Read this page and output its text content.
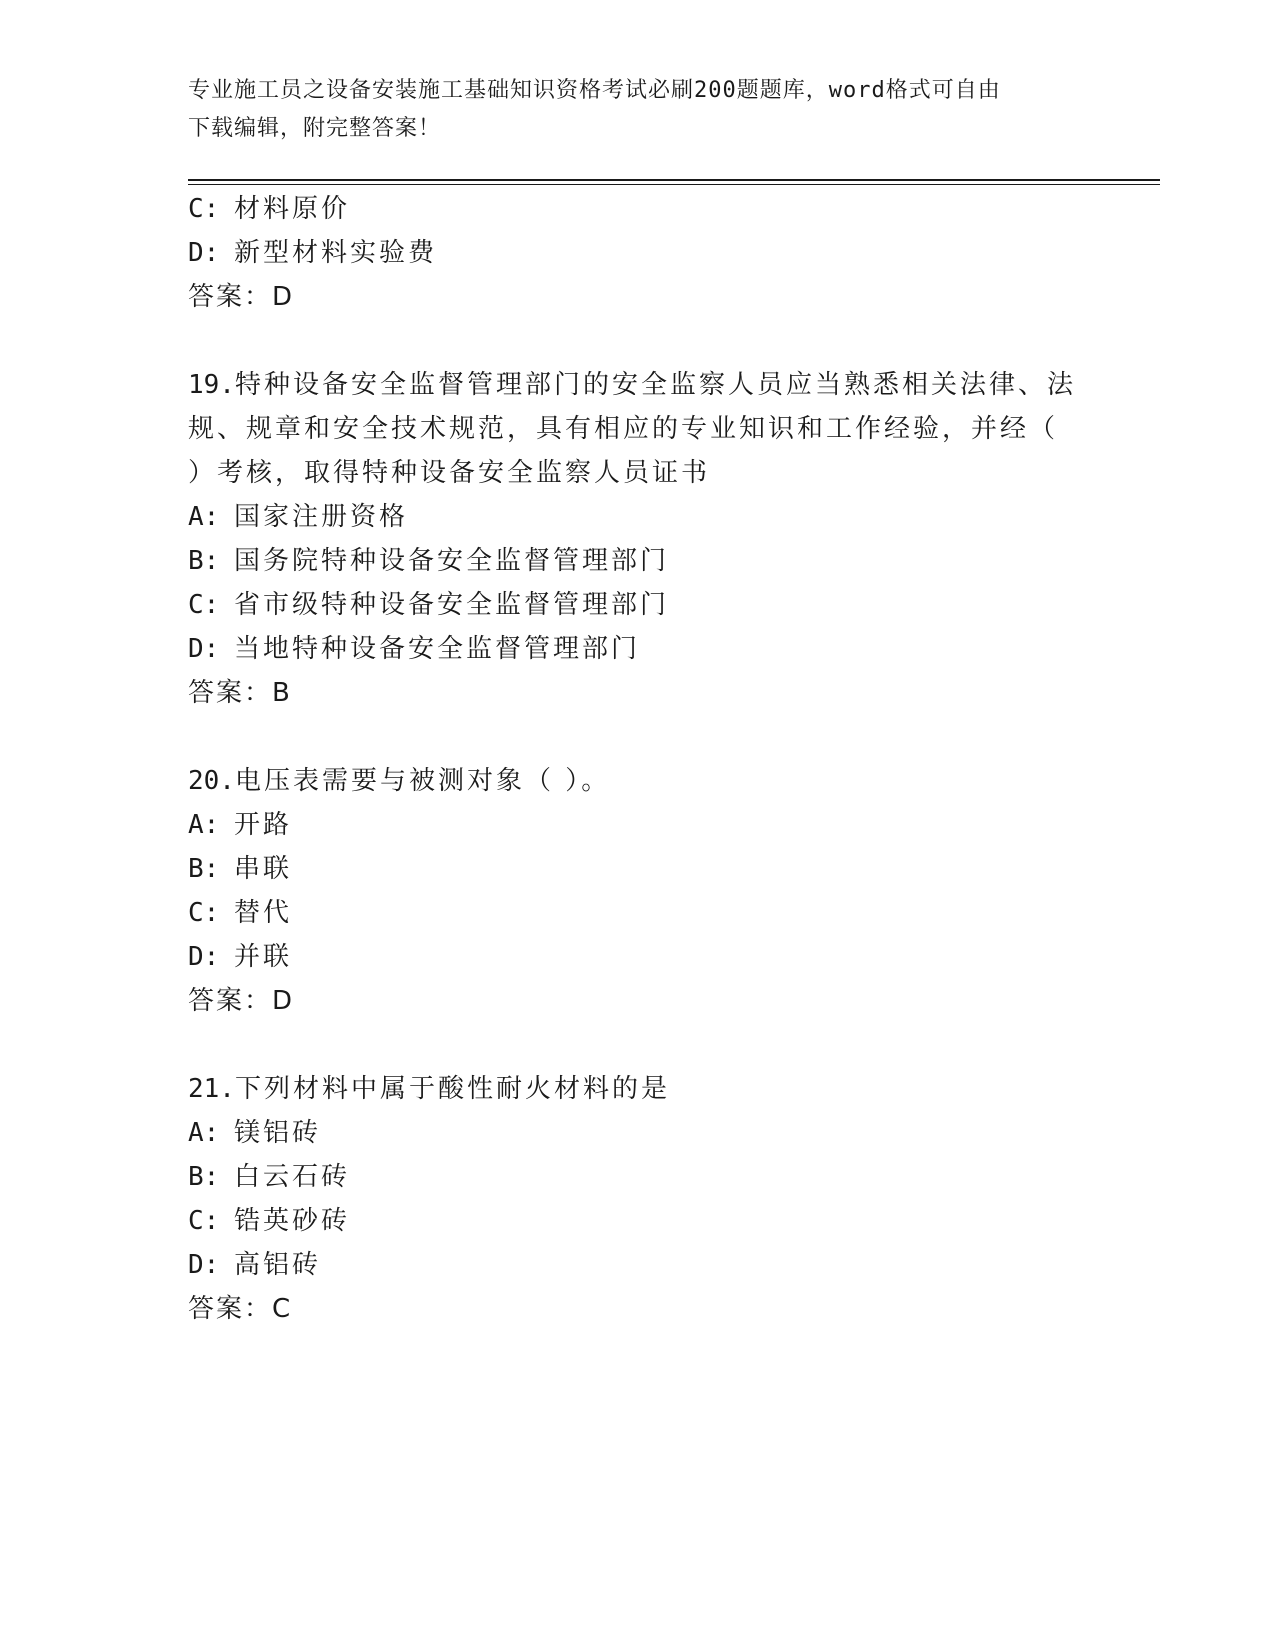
专业施工员之设备安装施工基础知识资格考试必刷200题题库，word格式可自由
下载编辑，附完整答案！
C: 材料原价
D: 新型材料实验费
答案：D
19.特种设备安全监督管理部门的安全监察人员应当熟悉相关法律、法
规、规章和安全技术规范，具有相应的专业知识和工作经验，并经（
）考核，取得特种设备安全监察人员证书
A: 国家注册资格
B: 国务院特种设备安全监督管理部门
C: 省市级特种设备安全监督管理部门
D: 当地特种设备安全监督管理部门
答案：B
20.电压表需要与被测对象（ ）。
A: 开路
B: 串联
C: 替代
D: 并联
答案：D
21.下列材料中属于酸性耐火材料的是
A: 镁铝砖
B: 白云石砖
C: 锆英砂砖
D: 高铝砖
答案：C
